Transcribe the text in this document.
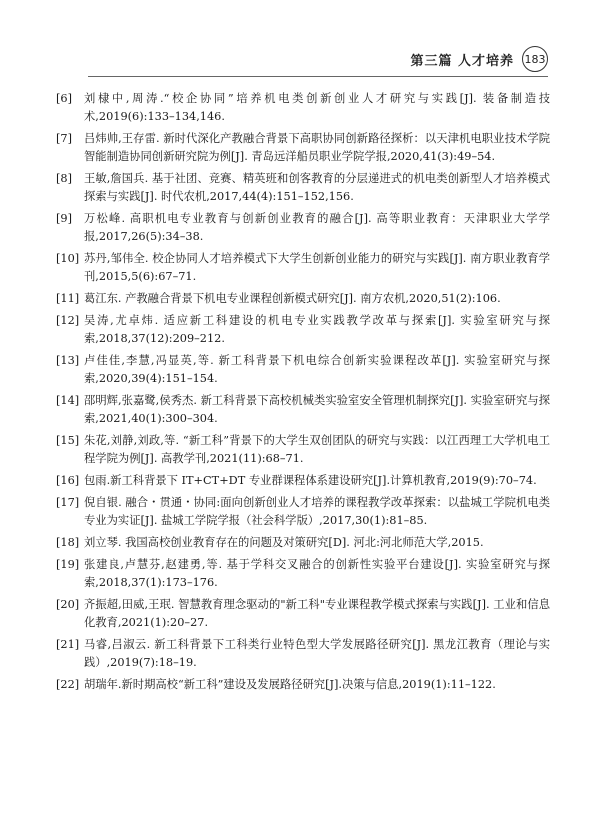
第三篇 人才培养 183
[6]	刘棣中,周涛.“校企协同”培养机电类创新创业人才研究与实践[J]. 装备制造技术,2019(6):133–134,146.
[7]	吕炜帅,王存雷. 新时代深化产教融合背景下高职协同创新路径探析：以天津机电职业技术学院智能制造协同创新研究院为例[J]. 青岛远洋船员职业学院学报,2020,41(3):49–54.
[8]	王敏,詹国兵. 基于社团、竞赛、精英班和创客教育的分层递进式的机电类创新型人才培养模式探索与实践[J]. 时代农机,2017,44(4):151–152,156.
[9]	万松峰. 高职机电专业教育与创新创业教育的融合[J]. 高等职业教育：天津职业大学学报,2017,26(5):34–38.
[10] 苏丹,邹伟全. 校企协同人才培养模式下大学生创新创业能力的研究与实践[J]. 南方职业教育学刊,2015,5(6):67–71.
[11] 葛江东. 产教融合背景下机电专业课程创新模式研究[J]. 南方农机,2020,51(2):106.
[12] 吴涛,尤卓炜. 适应新工科建设的机电专业实践教学改革与探索[J]. 实验室研究与探索,2018,37(12):209–212.
[13] 卢佳佳,李慧,冯显英,等. 新工科背景下机电综合创新实验课程改革[J]. 实验室研究与探索,2020,39(4):151–154.
[14] 邵明辉,张嘉鹭,侯秀杰. 新工科背景下高校机械类实验室安全管理机制探究[J]. 实验室研究与探索,2021,40(1):300–304.
[15] 朱花,刘静,刘政,等. “新工科”背景下的大学生双创团队的研究与实践：以江西理工大学机电工程学院为例[J]. 高教学刊,2021(11):68–71.
[16] 包雨.新工科背景下 IT+CT+DT 专业群课程体系建设研究[J].计算机教育,2019(9):70–74.
[17] 倪自银. 融合・贯通・协同:面向创新创业人才培养的课程教学改革探索：以盐城工学院机电类专业为实证[J]. 盐城工学院学报（社会科学版）,2017,30(1):81–85.
[18] 刘立琴. 我国高校创业教育存在的问题及对策研究[D]. 河北:河北师范大学,2015.
[19] 张建良,卢慧芬,赵建勇,等. 基于学科交叉融合的创新性实验平台建设[J]. 实验室研究与探索,2018,37(1):173–176.
[20] 齐振超,田威,王珉. 智慧教育理念驱动的"新工科"专业课程教学模式探索与实践[J]. 工业和信息化教育,2021(1):20–27.
[21] 马睿,吕淑云. 新工科背景下工科类行业特色型大学发展路径研究[J]. 黑龙江教育（理论与实践）,2019(7):18–19.
[22] 胡瑞年.新时期高校“新工科”建设及发展路径研究[J].决策与信息,2019(1):11–122.
